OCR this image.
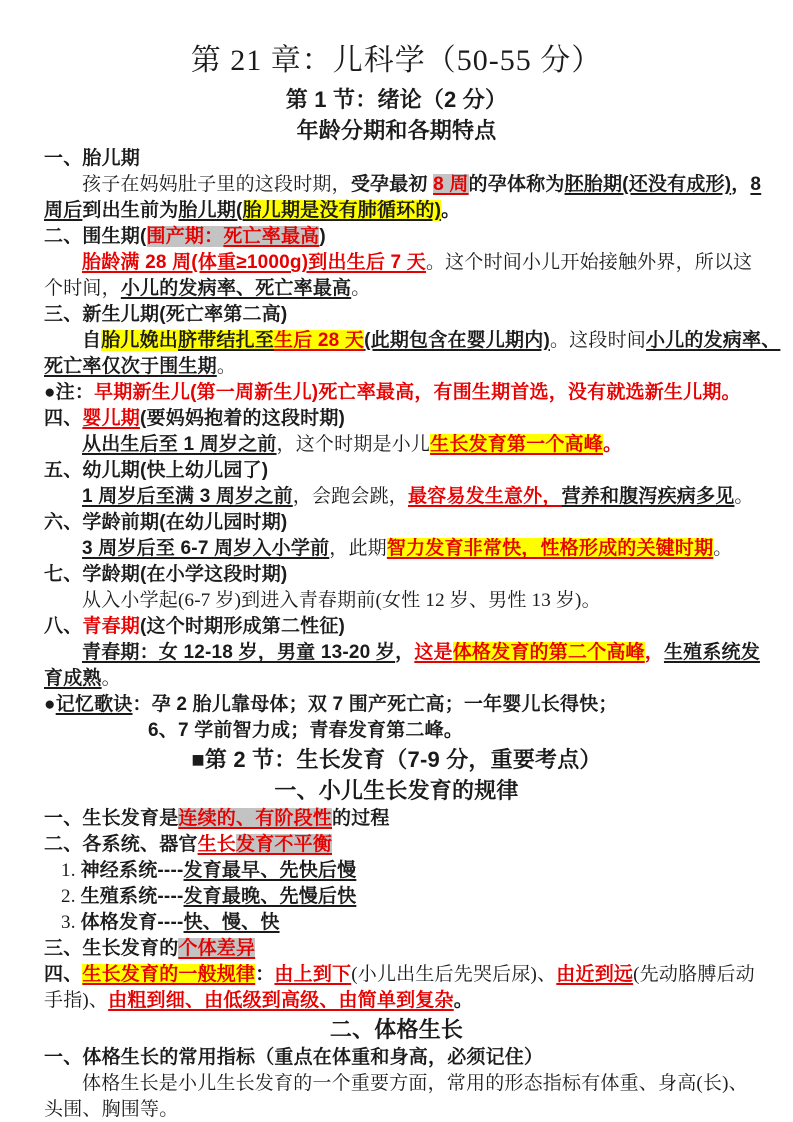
第 21 章：儿科学（50-55 分）
第 1 节：绪论（2 分）
年龄分期和各期特点
一、胎儿期
孩子在妈妈肚子里的这段时期，受孕最初 8 周的孕体称为胚胎期(还没有成形)，8
周后到出生前为胎儿期(胎儿期是没有肺循环的)。
二、围生期(围产期：死亡率最高)
胎龄满 28 周(体重≥1000g)到出生后 7 天。这个时间小儿开始接触外界，所以这
个时间，小儿的发病率、死亡率最高。
三、新生儿期(死亡率第二高)
自胎儿娩出脐带结扎至生后 28 天(此期包含在婴儿期内)。这段时间小儿的发病率、
死亡率仅次于围生期。
●注：早期新生儿(第一周新生儿)死亡率最高，有围生期首选，没有就选新生儿期。
四、婴儿期(要妈妈抱着的这段时期)
从出生后至 1 周岁之前，这个时期是小儿生长发育第一个高峰。
五、幼儿期(快上幼儿园了)
1 周岁后至满 3 周岁之前，会跑会跳，最容易发生意外，营养和腹泻疾病多见。
六、学龄前期(在幼儿园时期)
3 周岁后至 6-7 周岁入小学前，此期智力发育非常快，性格形成的关键时期。
七、学龄期(在小学这段时期)
从入小学起(6-7 岁)到进入青春期前(女性 12 岁、男性 13 岁)。
八、青春期(这个时期形成第二性征)
青春期：女 12-18 岁，男童 13-20 岁，这是体格发育的第二个高峰，生殖系统发
育成熟。
●记忆歌诀：孕 2 胎儿靠母体；双 7 围产死亡高；一年婴儿长得快；
6、7 学前智力成；青春发育第二峰。
■第 2 节：生长发育（7-9 分，重要考点）
一、小儿生长发育的规律
一、生长发育是连续的、有阶段性的过程
二、各系统、器官生长发育不平衡
1. 神经系统----发育最早、先快后慢
2. 生殖系统----发育最晚、先慢后快
3. 体格发育----快、慢、快
三、生长发育的个体差异
四、生长发育的一般规律：由上到下(小儿出生后先哭后尿)、由近到远(先动胳膊后动
手指)、由粗到细、由低级到高级、由简单到复杂。
二、体格生长
一、体格生长的常用指标（重点在体重和身高，必须记住）
体格生长是小儿生长发育的一个重要方面，常用的形态指标有体重、身高(长)、
头围、胸围等。
